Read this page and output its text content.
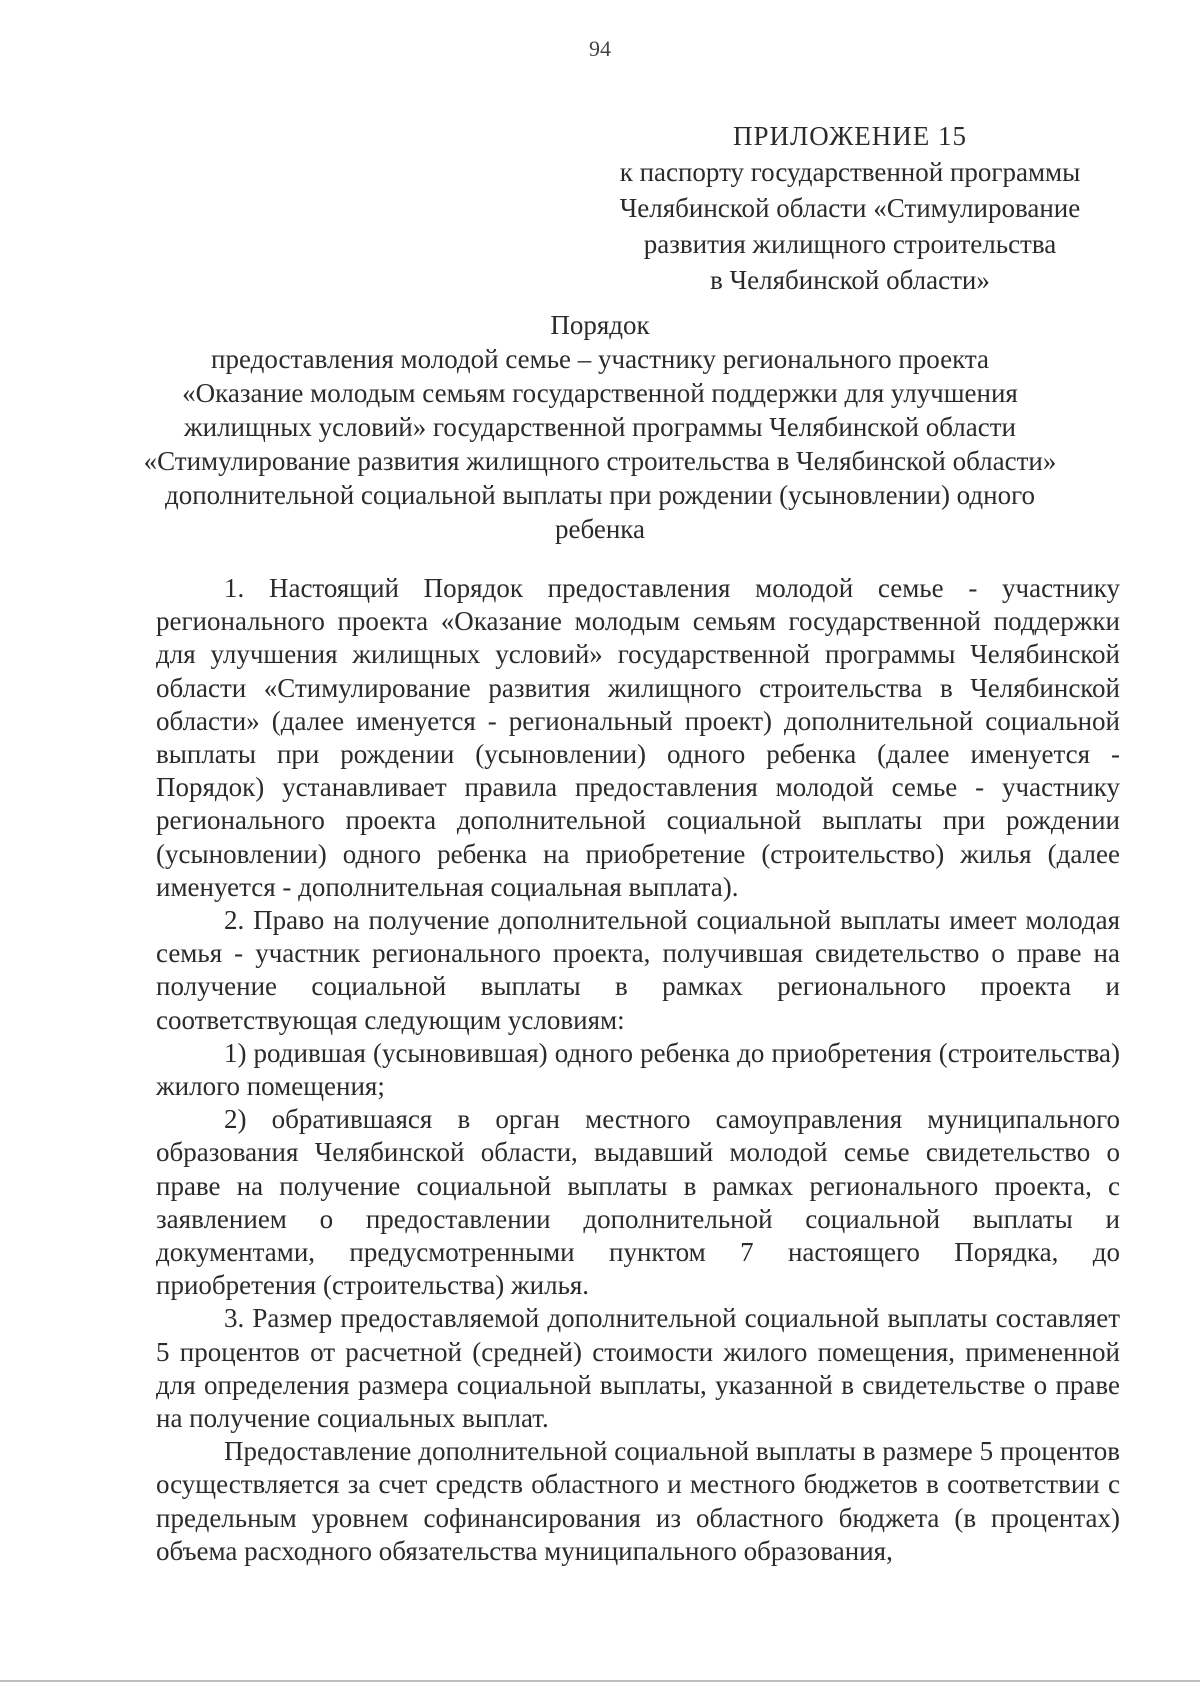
94
ПРИЛОЖЕНИЕ 15
к паспорту государственной программы
Челябинской области «Стимулирование
развития жилищного строительства
в Челябинской области»
Порядок
предоставления молодой семье – участнику регионального проекта
«Оказание молодым семьям государственной поддержки для улучшения
жилищных условий» государственной программы Челябинской области
«Стимулирование развития жилищного строительства в Челябинской области»
дополнительной социальной выплаты при рождении (усыновлении) одного
ребенка

1. Настоящий Порядок предоставления молодой семье - участнику регионального проекта «Оказание молодым семьям государственной поддержки для улучшения жилищных условий» государственной программы Челябинской области «Стимулирование развития жилищного строительства в Челябинской области» (далее именуется - региональный проект) дополнительной социальной выплаты при рождении (усыновлении) одного ребенка (далее именуется - Порядок) устанавливает правила предоставления молодой семье - участнику регионального проекта дополнительной социальной выплаты при рождении (усыновлении) одного ребенка на приобретение (строительство) жилья (далее именуется - дополнительная социальная выплата).

2. Право на получение дополнительной социальной выплаты имеет молодая семья - участник регионального проекта, получившая свидетельство о праве на получение социальной выплаты в рамках регионального проекта и соответствующая следующим условиям:

1) родившая (усыновившая) одного ребенка до приобретения (строительства) жилого помещения;

2) обратившаяся в орган местного самоуправления муниципального образования Челябинской области, выдавший молодой семье свидетельство о праве на получение социальной выплаты в рамках регионального проекта, с заявлением о предоставлении дополнительной социальной выплаты и документами, предусмотренными пунктом 7 настоящего Порядка, до приобретения (строительства) жилья.

3. Размер предоставляемой дополнительной социальной выплаты составляет 5 процентов от расчетной (средней) стоимости жилого помещения, примененной для определения размера социальной выплаты, указанной в свидетельстве о праве на получение социальных выплат.

Предоставление дополнительной социальной выплаты в размере 5 процентов осуществляется за счет средств областного и местного бюджетов в соответствии с предельным уровнем софинансирования из областного бюджета (в процентах) объема расходного обязательства муниципального образования,
